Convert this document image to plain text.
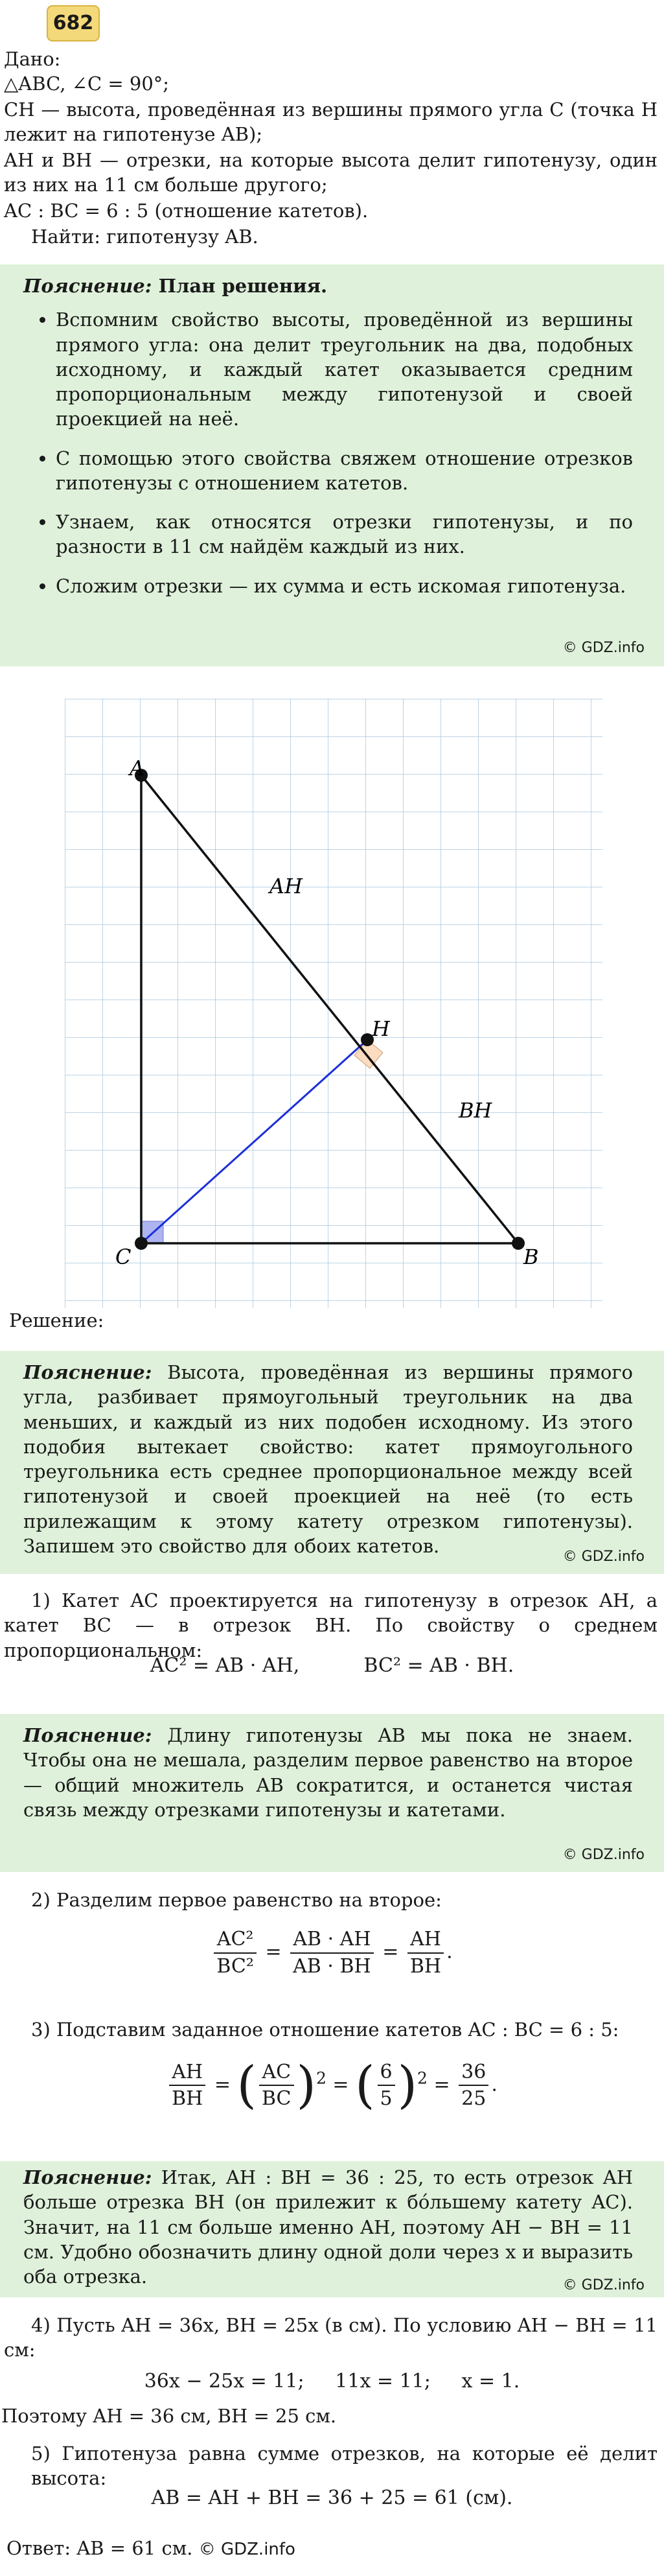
682

Дано:

△ABC, ∠C = 90°;

CH — высота, проведённая из вершины прямого угла C (точка H лежит на гипотенузе AB);

AH и BH — отрезки, на которые высота делит гипотенузу, один из них на 11 см больше другого;

AC : BC = 6 : 5 (отношение катетов).

Найти: гипотенузу AB.

Пояснение: План решения.

• Вспомним свойство высоты, проведённой из вершины прямого угла: она делит треугольник на два, подобных исходному, и каждый катет оказывается средним пропорциональным между гипотенузой и своей проекцией на неё.
• С помощью этого свойства свяжем отношение отрезков гипотенузы с отношением катетов.
• Узнаем, как относятся отрезки гипотенузы, и по разности в 11 см найдём каждый из них.
• Сложим отрезки — их сумма и есть искомая гипотенуза.
© GDZ.info
A
C	B
H
AH
BH

Решение:

Пояснение: Высота, проведённая из вершины прямого угла, разбивает прямоугольный треугольник на два меньших, и каждый из них подобен исходному. Из этого подобия вытекает свойство: катет прямоугольного треугольника есть среднее пропорциональное между всей гипотенузой и своей проекцией на неё (то есть прилежащим к этому катету отрезком гипотенузы). Запишем это свойство для обоих катетов.	© GDZ.info

1) Катет AC проектируется на гипотенузу в отрезок AH, а катет BC — в отрезок BH. По свойству о среднем пропорциональном:

AC² = AB · AH,	BC² = AB · BH.

Пояснение: Длину гипотенузы AB мы пока не знаем. Чтобы она не мешала, разделим первое равенство на второе — общий множитель AB сократится, и останется чистая связь между отрезками гипотенузы и катетами.

© GDZ.info

2) Разделим первое равенство на второе:

$\frac{\text{AC²}}{\text{BC²}} = \frac{AB \cdot AH}{AB \cdot BH} = \frac{AH}{BH}$ .

3) Подставим заданное отношение катетов AC : BC = 6 : 5:

$\frac{AH}{BH}$ = ( $\frac{AC}{BC} )^2$ = ( $\frac{6}{5} )^2 = \frac{36}{25}$ .

Пояснение: Итак, AH : BH = 36 : 25, то есть отрезок AH больше отрезка BH (он прилежит к бóльшему катету AC). Значит, на 11 см больше именно AH, поэтому AH − BH = 11 см. Удобно обозначить длину одной доли через x и выразить оба отрезка.	© GDZ.info

4) Пусть AH = 36x, BH = 25x (в см). По условию AH − BH = 11 см:

36x − 25x = 11;     11x = 11;     x = 1.

Поэтому AH = 36 см, BH = 25 см.

5) Гипотенуза равна сумме отрезков, на которые её делит высота:

AB = AH + BH = 36 + 25 = 61 (см).

Ответ: AB = 61 см. © GDZ.info
